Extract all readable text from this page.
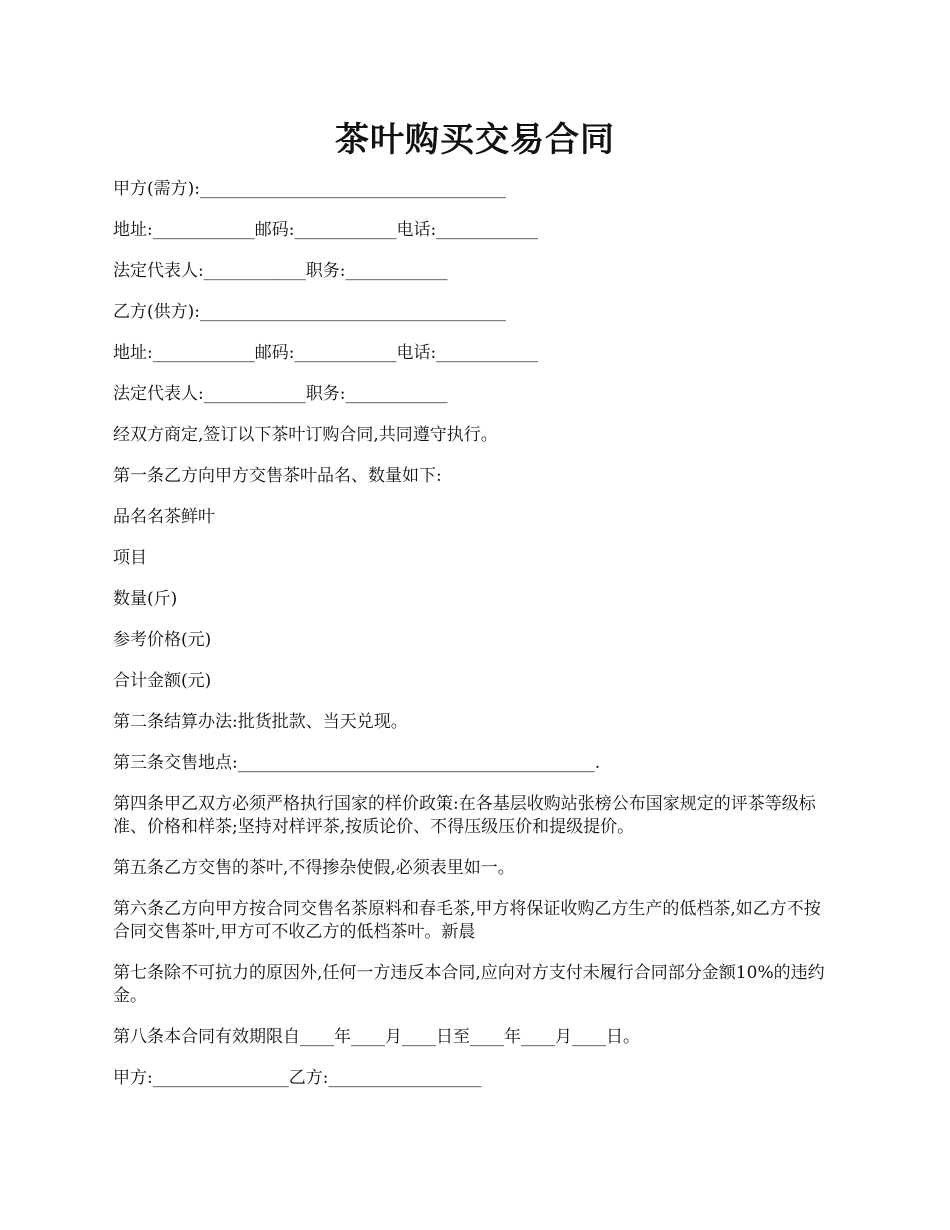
茶叶购买交易合同

甲方(需方):____________________________________

地址:____________邮码:____________电话:____________

法定代表人:____________职务:____________

乙方(供方):____________________________________

地址:____________邮码:____________电话:____________

法定代表人:____________职务:____________

经双方商定,签订以下茶叶订购合同,共同遵守执行。

第一条乙方向甲方交售茶叶品名、数量如下:

品名名茶鲜叶

项目

数量(斤)

参考价格(元)

合计金额(元)

第二条结算办法:批货批款、当天兑现。

第三条交售地点:__________________________________________.

第四条甲乙双方必须严格执行国家的样价政策:在各基层收购站张榜公布国家规定的评茶等级标准、价格和样茶;坚持对样评茶,按质论价、不得压级压价和提级提价。

第五条乙方交售的茶叶,不得掺杂使假,必须表里如一。

第六条乙方向甲方按合同交售名茶原料和春毛茶,甲方将保证收购乙方生产的低档茶,如乙方不按合同交售茶叶,甲方可不收乙方的低档茶叶。新晨

第七条除不可抗力的原因外,任何一方违反本合同,应向对方支付未履行合同部分金额10%的违约金。

第八条本合同有效期限自____年____月____日至____年____月____日。

甲方:________________乙方:__________________
